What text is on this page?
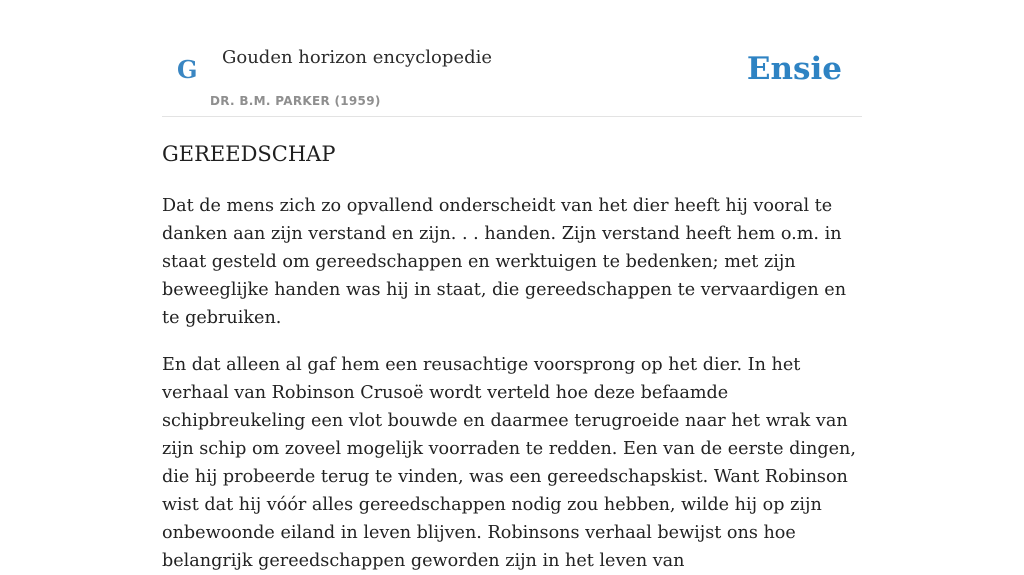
G Gouden horizon encyclopedie
DR. B.M. PARKER (1959)
Ensie
GEREEDSCHAP

Dat de mens zich zo opvallend onderscheidt van het dier heeft hij vooral te danken aan zijn verstand en zijn. . . handen. Zijn verstand heeft hem o.m. in staat gesteld om gereedschappen en werktuigen te bedenken; met zijn beweeglijke handen was hij in staat, die gereedschappen te vervaardigen en te gebruiken.

En dat alleen al gaf hem een reusachtige voorsprong op het dier. In het verhaal van Robinson Crusoë wordt verteld hoe deze befaamde schipbreukeling een vlot bouwde en daarmee terugroeide naar het wrak van zijn schip om zoveel mogelijk voorraden te redden. Een van de eerste dingen, die hij probeerde terug te vinden, was een gereedschapskist. Want Robinson wist dat hij vóór alles gereedschappen nodig zou hebben, wilde hij op zijn onbewoonde eiland in leven blijven. Robinsons verhaal bewijst ons hoe belangrijk gereedschappen geworden zijn in het leven van
